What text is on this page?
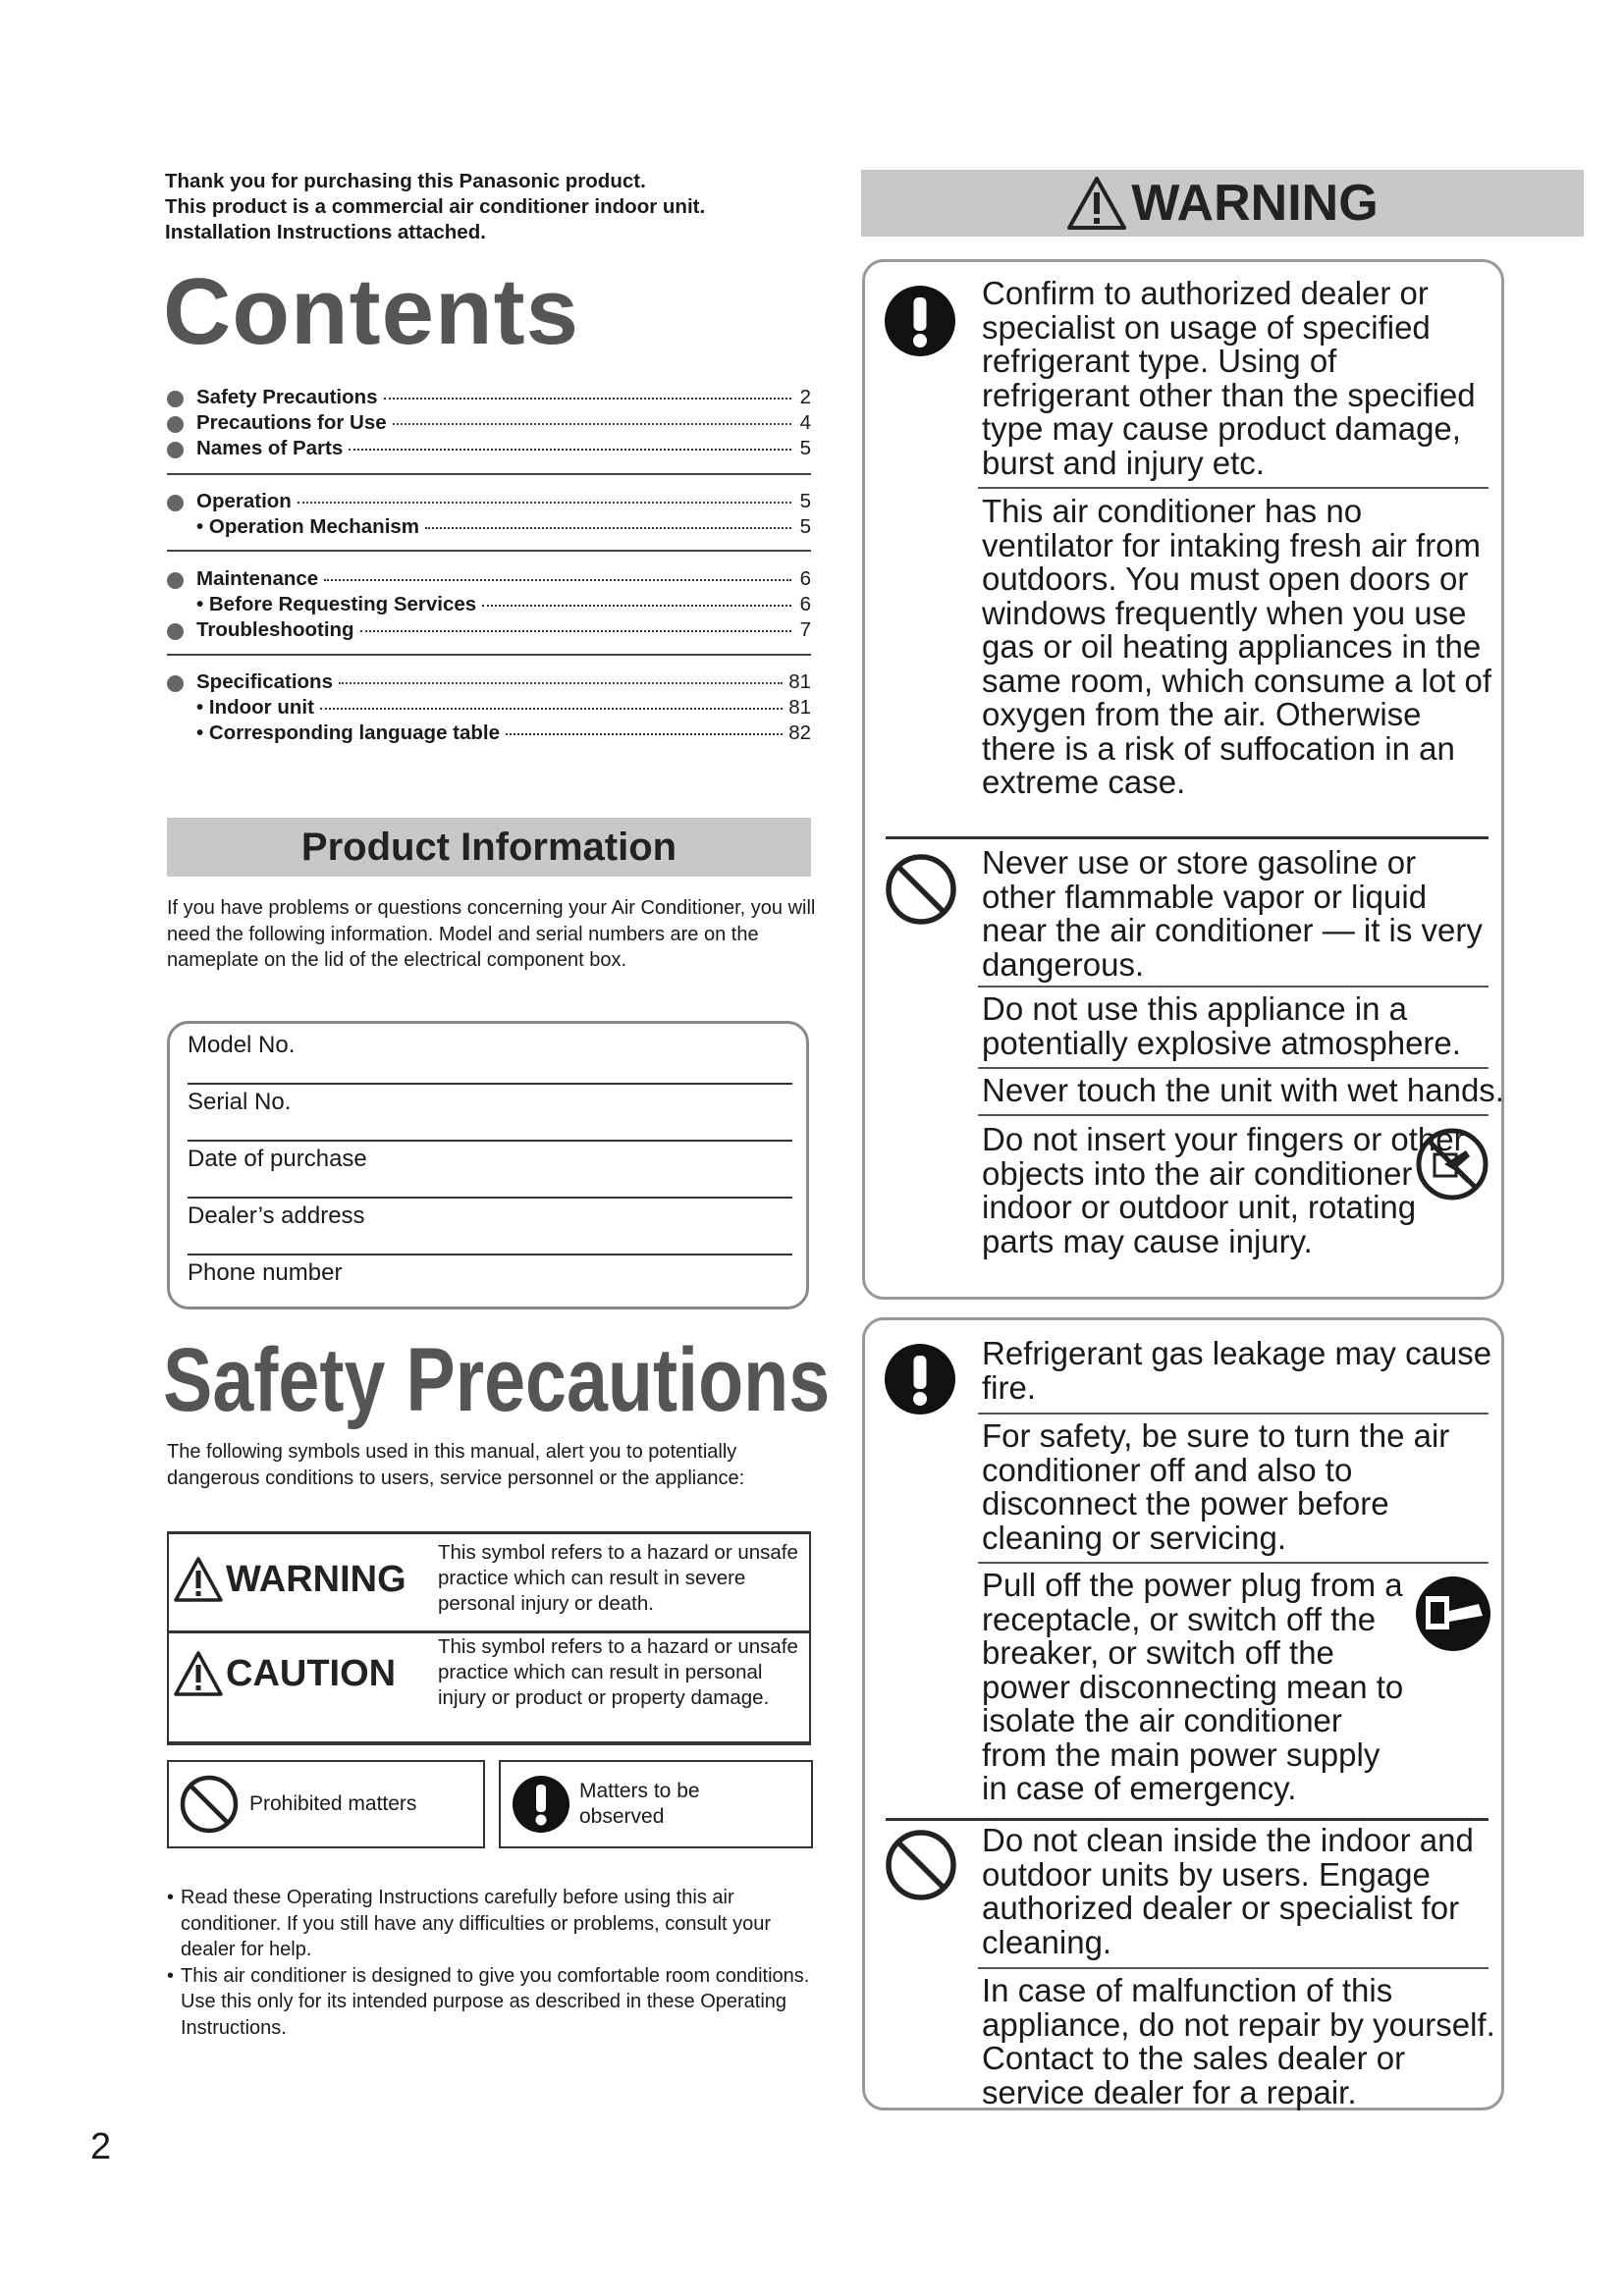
Thank you for purchasing this Panasonic product.
This product is a commercial air conditioner indoor unit.
Installation Instructions attached.
Contents
Safety Precautions	2
Precautions for Use	4
Names of Parts	5
Operation	5
• Operation Mechanism	5
Maintenance	6
• Before Requesting Services	6
Troubleshooting	7
Specifications	81
• Indoor unit	81
• Corresponding language table	82
Product Information
If you have problems or questions concerning your Air Conditioner, you will need the following information. Model and serial numbers are on the nameplate on the lid of the electrical component box.
Model No.
Serial No.
Date of purchase
Dealer’s address
Phone number
Safety Precautions
The following symbols used in this manual, alert you to potentially dangerous conditions to users, service personnel or the appliance:
WARNING
This symbol refers to a hazard or unsafe practice which can result in severe personal injury or death.
CAUTION
This symbol refers to a hazard or unsafe practice which can result in personal injury or product or property damage.
Prohibited matters
Matters to be observed
• Read these Operating Instructions carefully before using this air conditioner. If you still have any difficulties or problems, consult your dealer for help.
• This air conditioner is designed to give you comfortable room conditions. Use this only for its intended purpose as described in these Operating Instructions.
2
WARNING
Confirm to authorized dealer or specialist on usage of specified refrigerant type. Using of refrigerant other than the specified type may cause product damage, burst and injury etc.
This air conditioner has no ventilator for intaking fresh air from outdoors. You must open doors or windows frequently when you use gas or oil heating appliances in the same room, which consume a lot of oxygen from the air. Otherwise there is a risk of suffocation in an extreme case.
Never use or store gasoline or other flammable vapor or liquid near the air conditioner — it is very dangerous.
Do not use this appliance in a potentially explosive atmosphere.
Never touch the unit with wet hands.
Do not insert your fingers or other objects into the air conditioner indoor or outdoor unit, rotating parts may cause injury.
Refrigerant gas leakage may cause fire.
For safety, be sure to turn the air conditioner off and also to disconnect the power before cleaning or servicing.
Pull off the power plug from a receptacle, or switch off the breaker, or switch off the power disconnecting mean to isolate the air conditioner from the main power supply in case of emergency.
Do not clean inside the indoor and outdoor units by users. Engage authorized dealer or specialist for cleaning.
In case of malfunction of this appliance, do not repair by yourself. Contact to the sales dealer or service dealer for a repair.
